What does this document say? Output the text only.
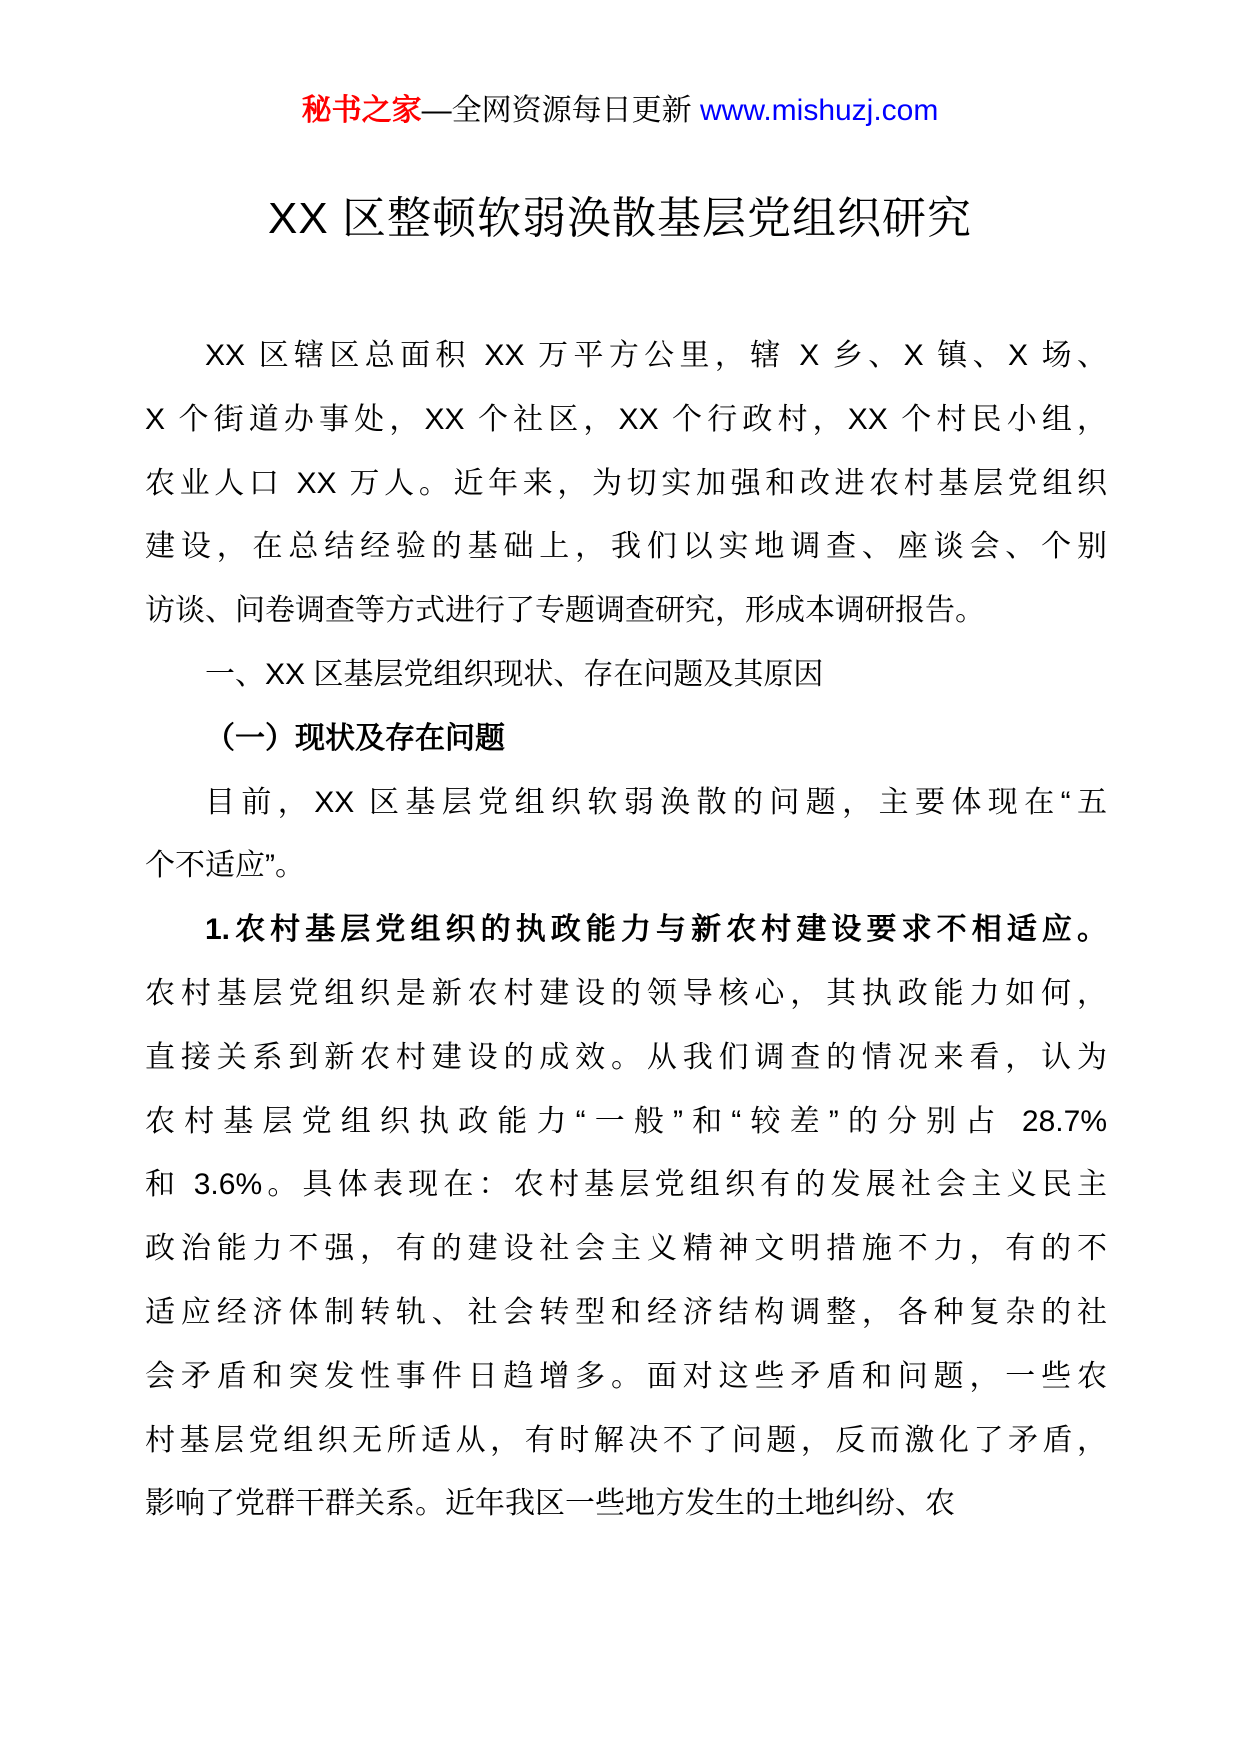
秘书之家—全网资源每日更新 www.mishuzj.com
XX 区整顿软弱涣散基层党组织研究
XX 区辖区总面积 XX 万平方公里，辖 X 乡、X 镇、X 场、
X 个街道办事处，XX 个社区，XX 个行政村，XX 个村民小组，
农业人口 XX 万人。近年来，为切实加强和改进农村基层党组织
建设，在总结经验的基础上，我们以实地调查、座谈会、个别
访谈、问卷调查等方式进行了专题调查研究，形成本调研报告。
一、XX 区基层党组织现状、存在问题及其原因
（一）现状及存在问题
目前，XX 区基层党组织软弱涣散的问题，主要体现在“五
个不适应”。
1.农村基层党组织的执政能力与新农村建设要求不相适应。
农村基层党组织是新农村建设的领导核心，其执政能力如何，
直接关系到新农村建设的成效。从我们调查的情况来看，认为
农村基层党组织执政能力“一般”和“较差”的分别占 28.7%
和 3.6%。具体表现在：农村基层党组织有的发展社会主义民主
政治能力不强，有的建设社会主义精神文明措施不力，有的不
适应经济体制转轨、社会转型和经济结构调整，各种复杂的社
会矛盾和突发性事件日趋增多。面对这些矛盾和问题，一些农
村基层党组织无所适从，有时解决不了问题，反而激化了矛盾，
影响了党群干群关系。近年我区一些地方发生的土地纠纷、农
